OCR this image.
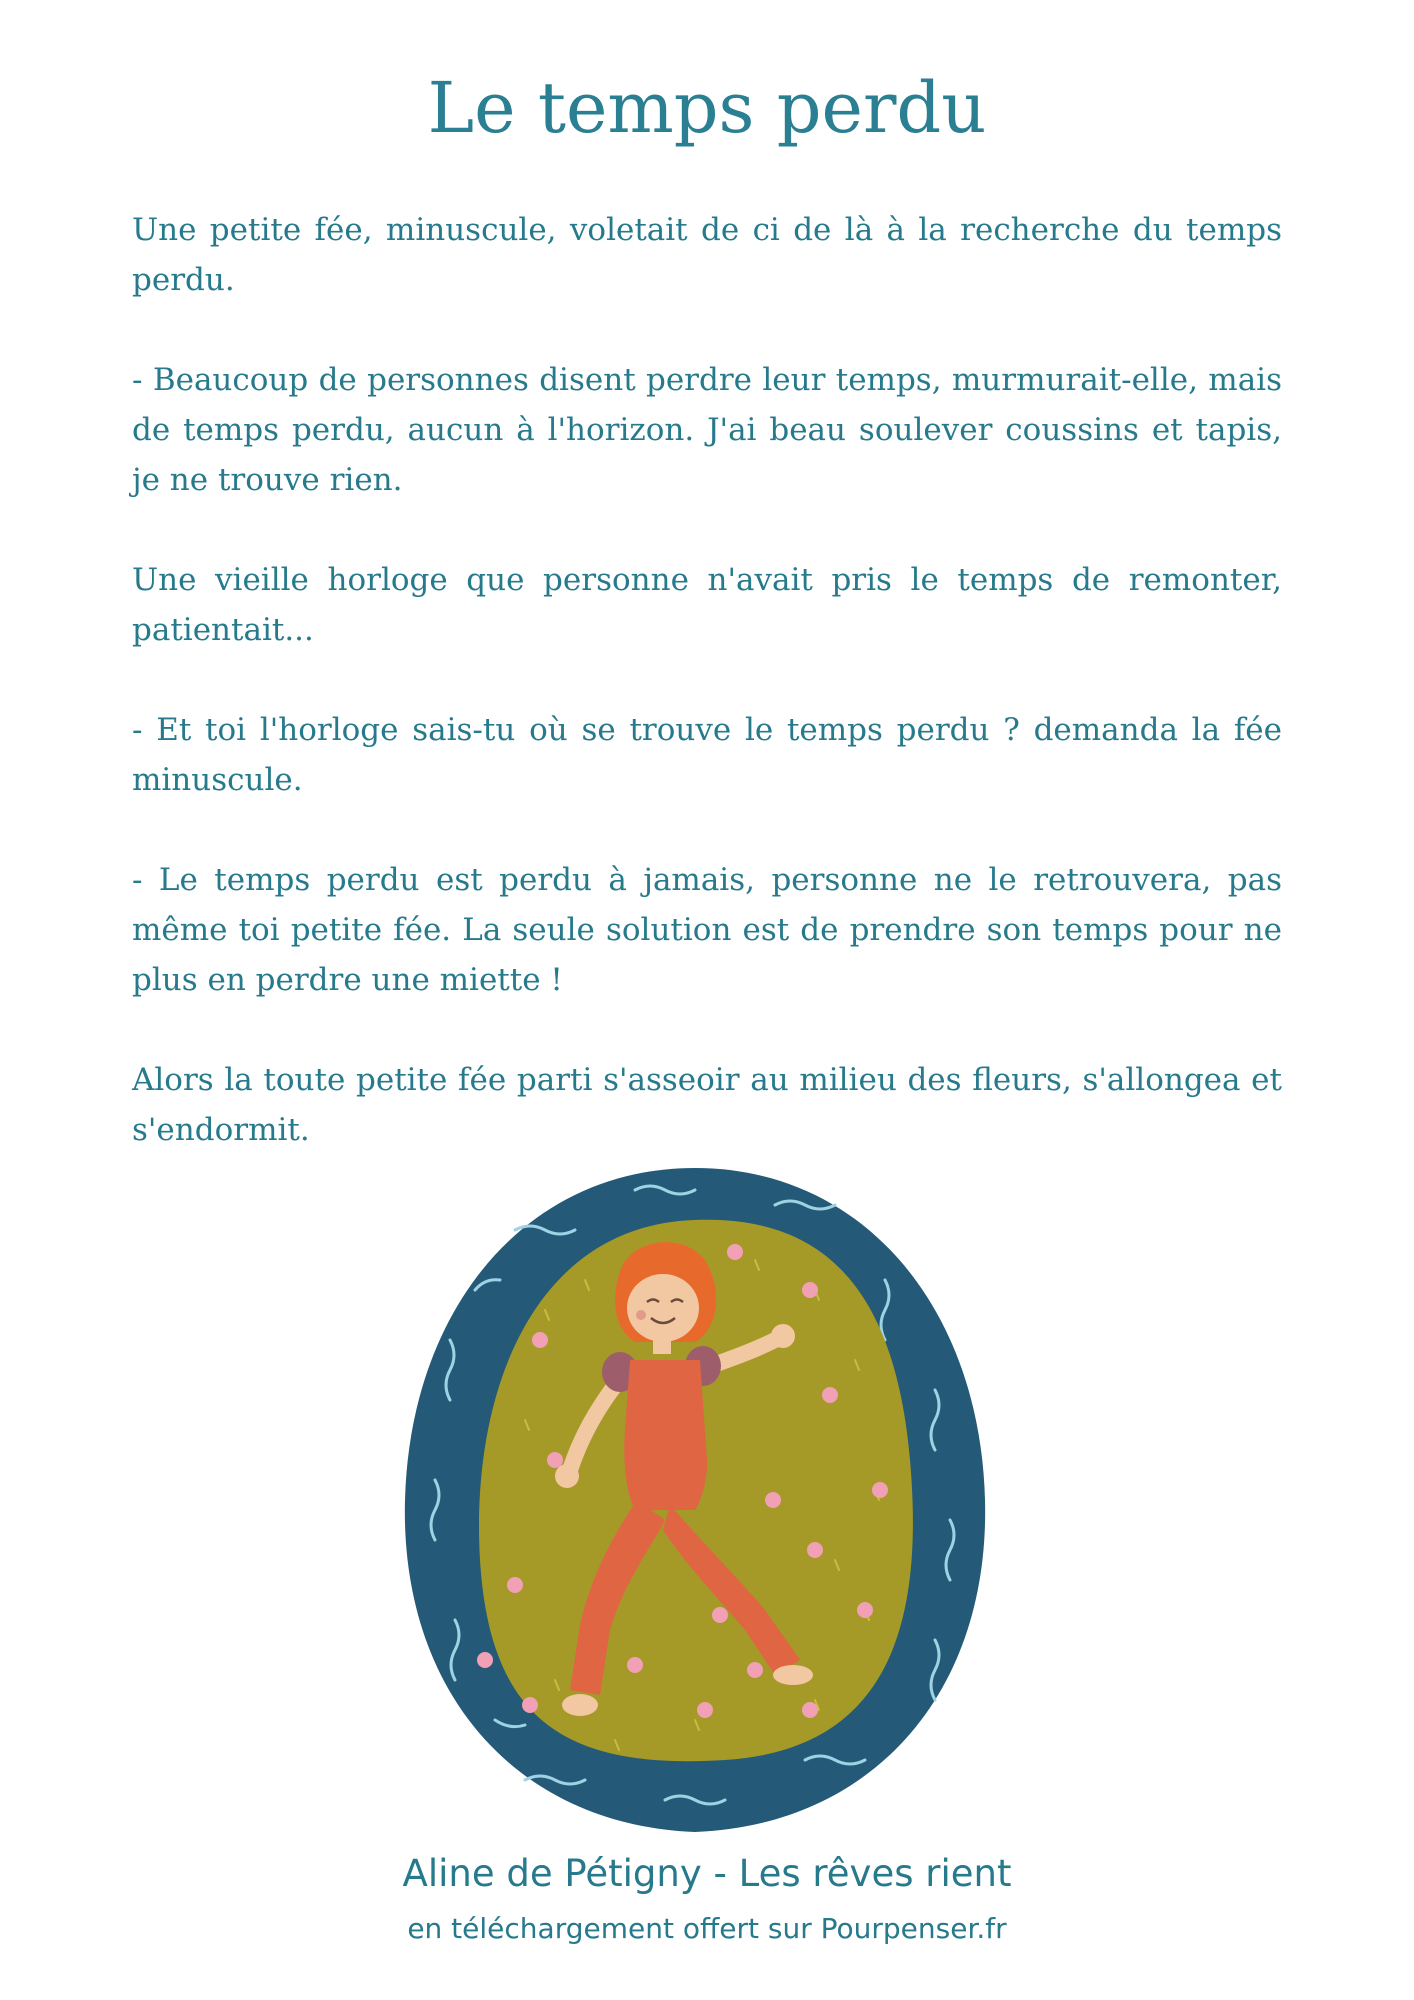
Le temps perdu

Une petite fée, minuscule, voletait de ci de là à la recherche du temps perdu.

- Beaucoup de personnes disent perdre leur temps, murmurait-elle, mais de temps perdu, aucun à l'horizon. J'ai beau soulever coussins et tapis, je ne trouve rien.

Une vieille horloge que personne n'avait pris le temps de remonter, patientait...

- Et toi l'horloge sais-tu où se trouve le temps perdu ? demanda la fée minuscule.

- Le temps perdu est perdu à jamais, personne ne le retrouvera, pas même toi petite fée. La seule solution est de prendre son temps pour ne plus en perdre une miette !

Alors la toute petite fée parti s'asseoir au milieu des fleurs, s'allongea et s'endormit.

Aline de Pétigny - Les rêves rient

en téléchargement offert sur Pourpenser.fr
